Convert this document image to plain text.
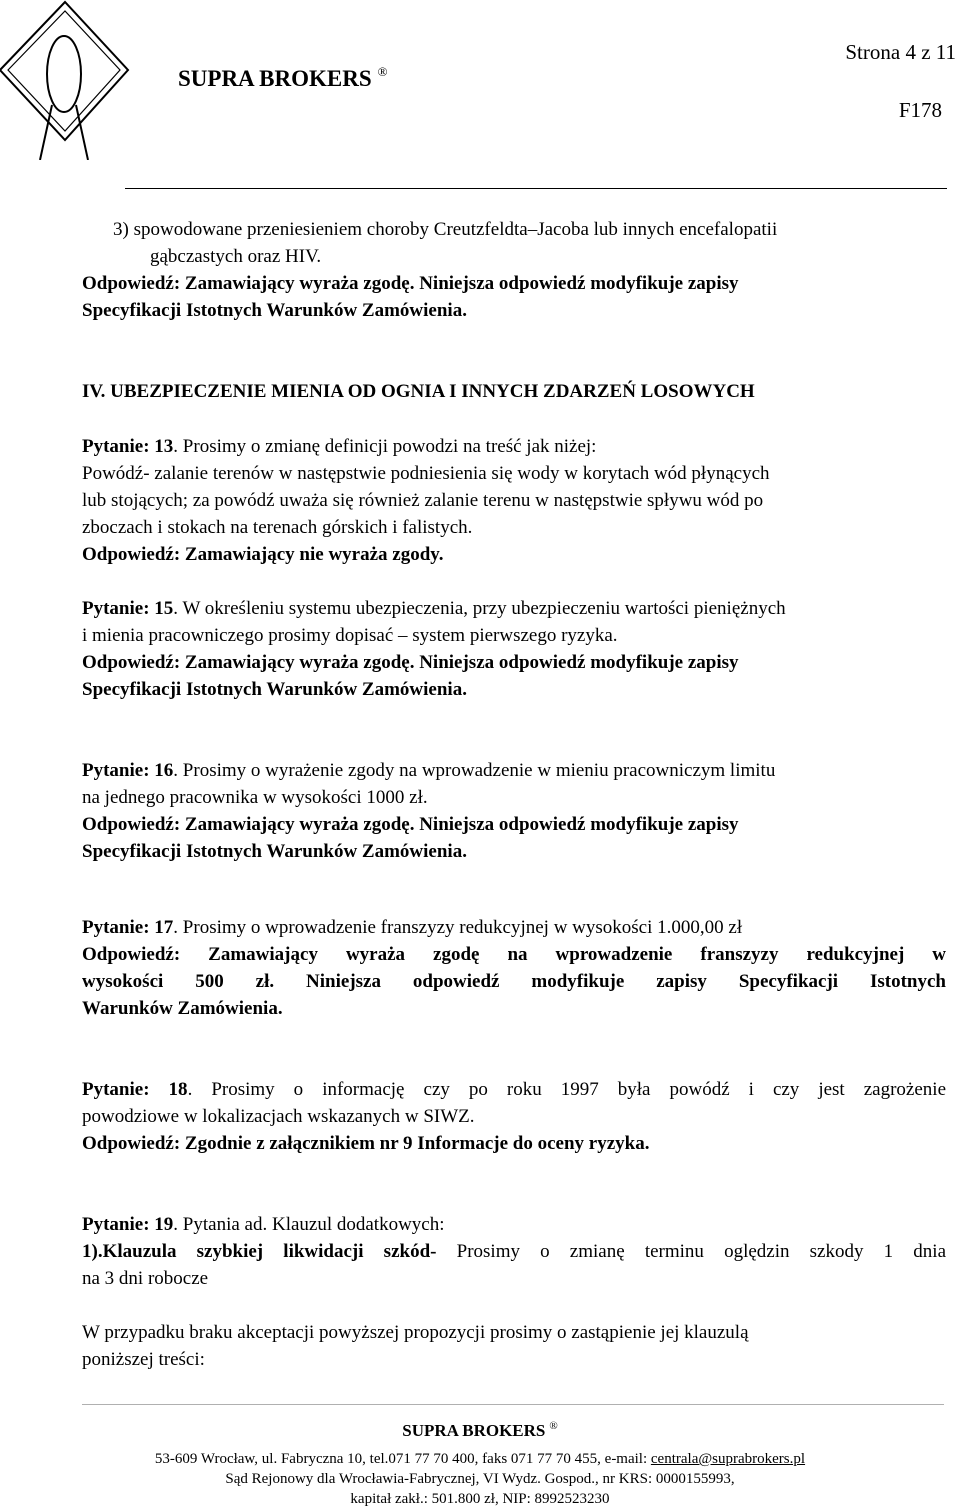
SUPRA BROKERS ®
Strona 4 z 11
F178
3) spowodowane przeniesieniem choroby Creutzfeldta–Jacoba lub innych encefalopatii
gąbczastych oraz HIV.
Odpowiedź: Zamawiający wyraża zgodę. Niniejsza odpowiedź modyfikuje zapisy
Specyfikacji Istotnych Warunków Zamówienia.
IV. UBEZPIECZENIE MIENIA OD OGNIA I INNYCH ZDARZEŃ LOSOWYCH
Pytanie: 13. Prosimy o zmianę definicji powodzi na treść jak niżej:
Powódź- zalanie terenów w następstwie podniesienia się wody w korytach wód płynących
lub stojących; za powódź uważa się również zalanie terenu w następstwie spływu wód po
zboczach i stokach na terenach górskich i falistych.
Odpowiedź: Zamawiający nie wyraża zgody.
Pytanie: 15. W określeniu systemu ubezpieczenia, przy ubezpieczeniu wartości pieniężnych
i mienia pracowniczego prosimy dopisać – system pierwszego ryzyka.
Odpowiedź: Zamawiający wyraża zgodę. Niniejsza odpowiedź modyfikuje zapisy
Specyfikacji Istotnych Warunków Zamówienia.
Pytanie: 16. Prosimy o wyrażenie zgody na wprowadzenie w mieniu pracowniczym limitu
na jednego pracownika w wysokości 1000 zł.
Odpowiedź: Zamawiający wyraża zgodę. Niniejsza odpowiedź modyfikuje zapisy
Specyfikacji Istotnych Warunków Zamówienia.
Pytanie: 17. Prosimy o wprowadzenie franszyzy redukcyjnej w wysokości 1.000,00 zł
Odpowiedź: Zamawiający wyraża zgodę na wprowadzenie franszyzy redukcyjnej w
wysokości 500 zł. Niniejsza odpowiedź modyfikuje zapisy Specyfikacji Istotnych
Warunków Zamówienia.
Pytanie: 18. Prosimy o informację czy po roku 1997 była powódź i czy jest zagrożenie
powodziowe w lokalizacjach wskazanych w SIWZ.
Odpowiedź: Zgodnie z załącznikiem nr 9 Informacje do oceny ryzyka.
Pytanie: 19. Pytania ad. Klauzul dodatkowych:
1).Klauzula szybkiej likwidacji szkód- Prosimy o zmianę terminu oględzin szkody 1 dnia
na 3 dni robocze
W przypadku braku akceptacji powyższej propozycji prosimy o zastąpienie jej klauzulą
poniższej treści:
SUPRA BROKERS ®
53-609 Wrocław, ul. Fabryczna 10, tel.071 77 70 400, faks 071 77 70 455, e-mail: centrala@suprabrokers.pl
Sąd Rejonowy dla Wrocławia-Fabrycznej, VI Wydz. Gospod., nr KRS: 0000155993,
kapitał zakł.: 501.800 zł, NIP: 8992523230
